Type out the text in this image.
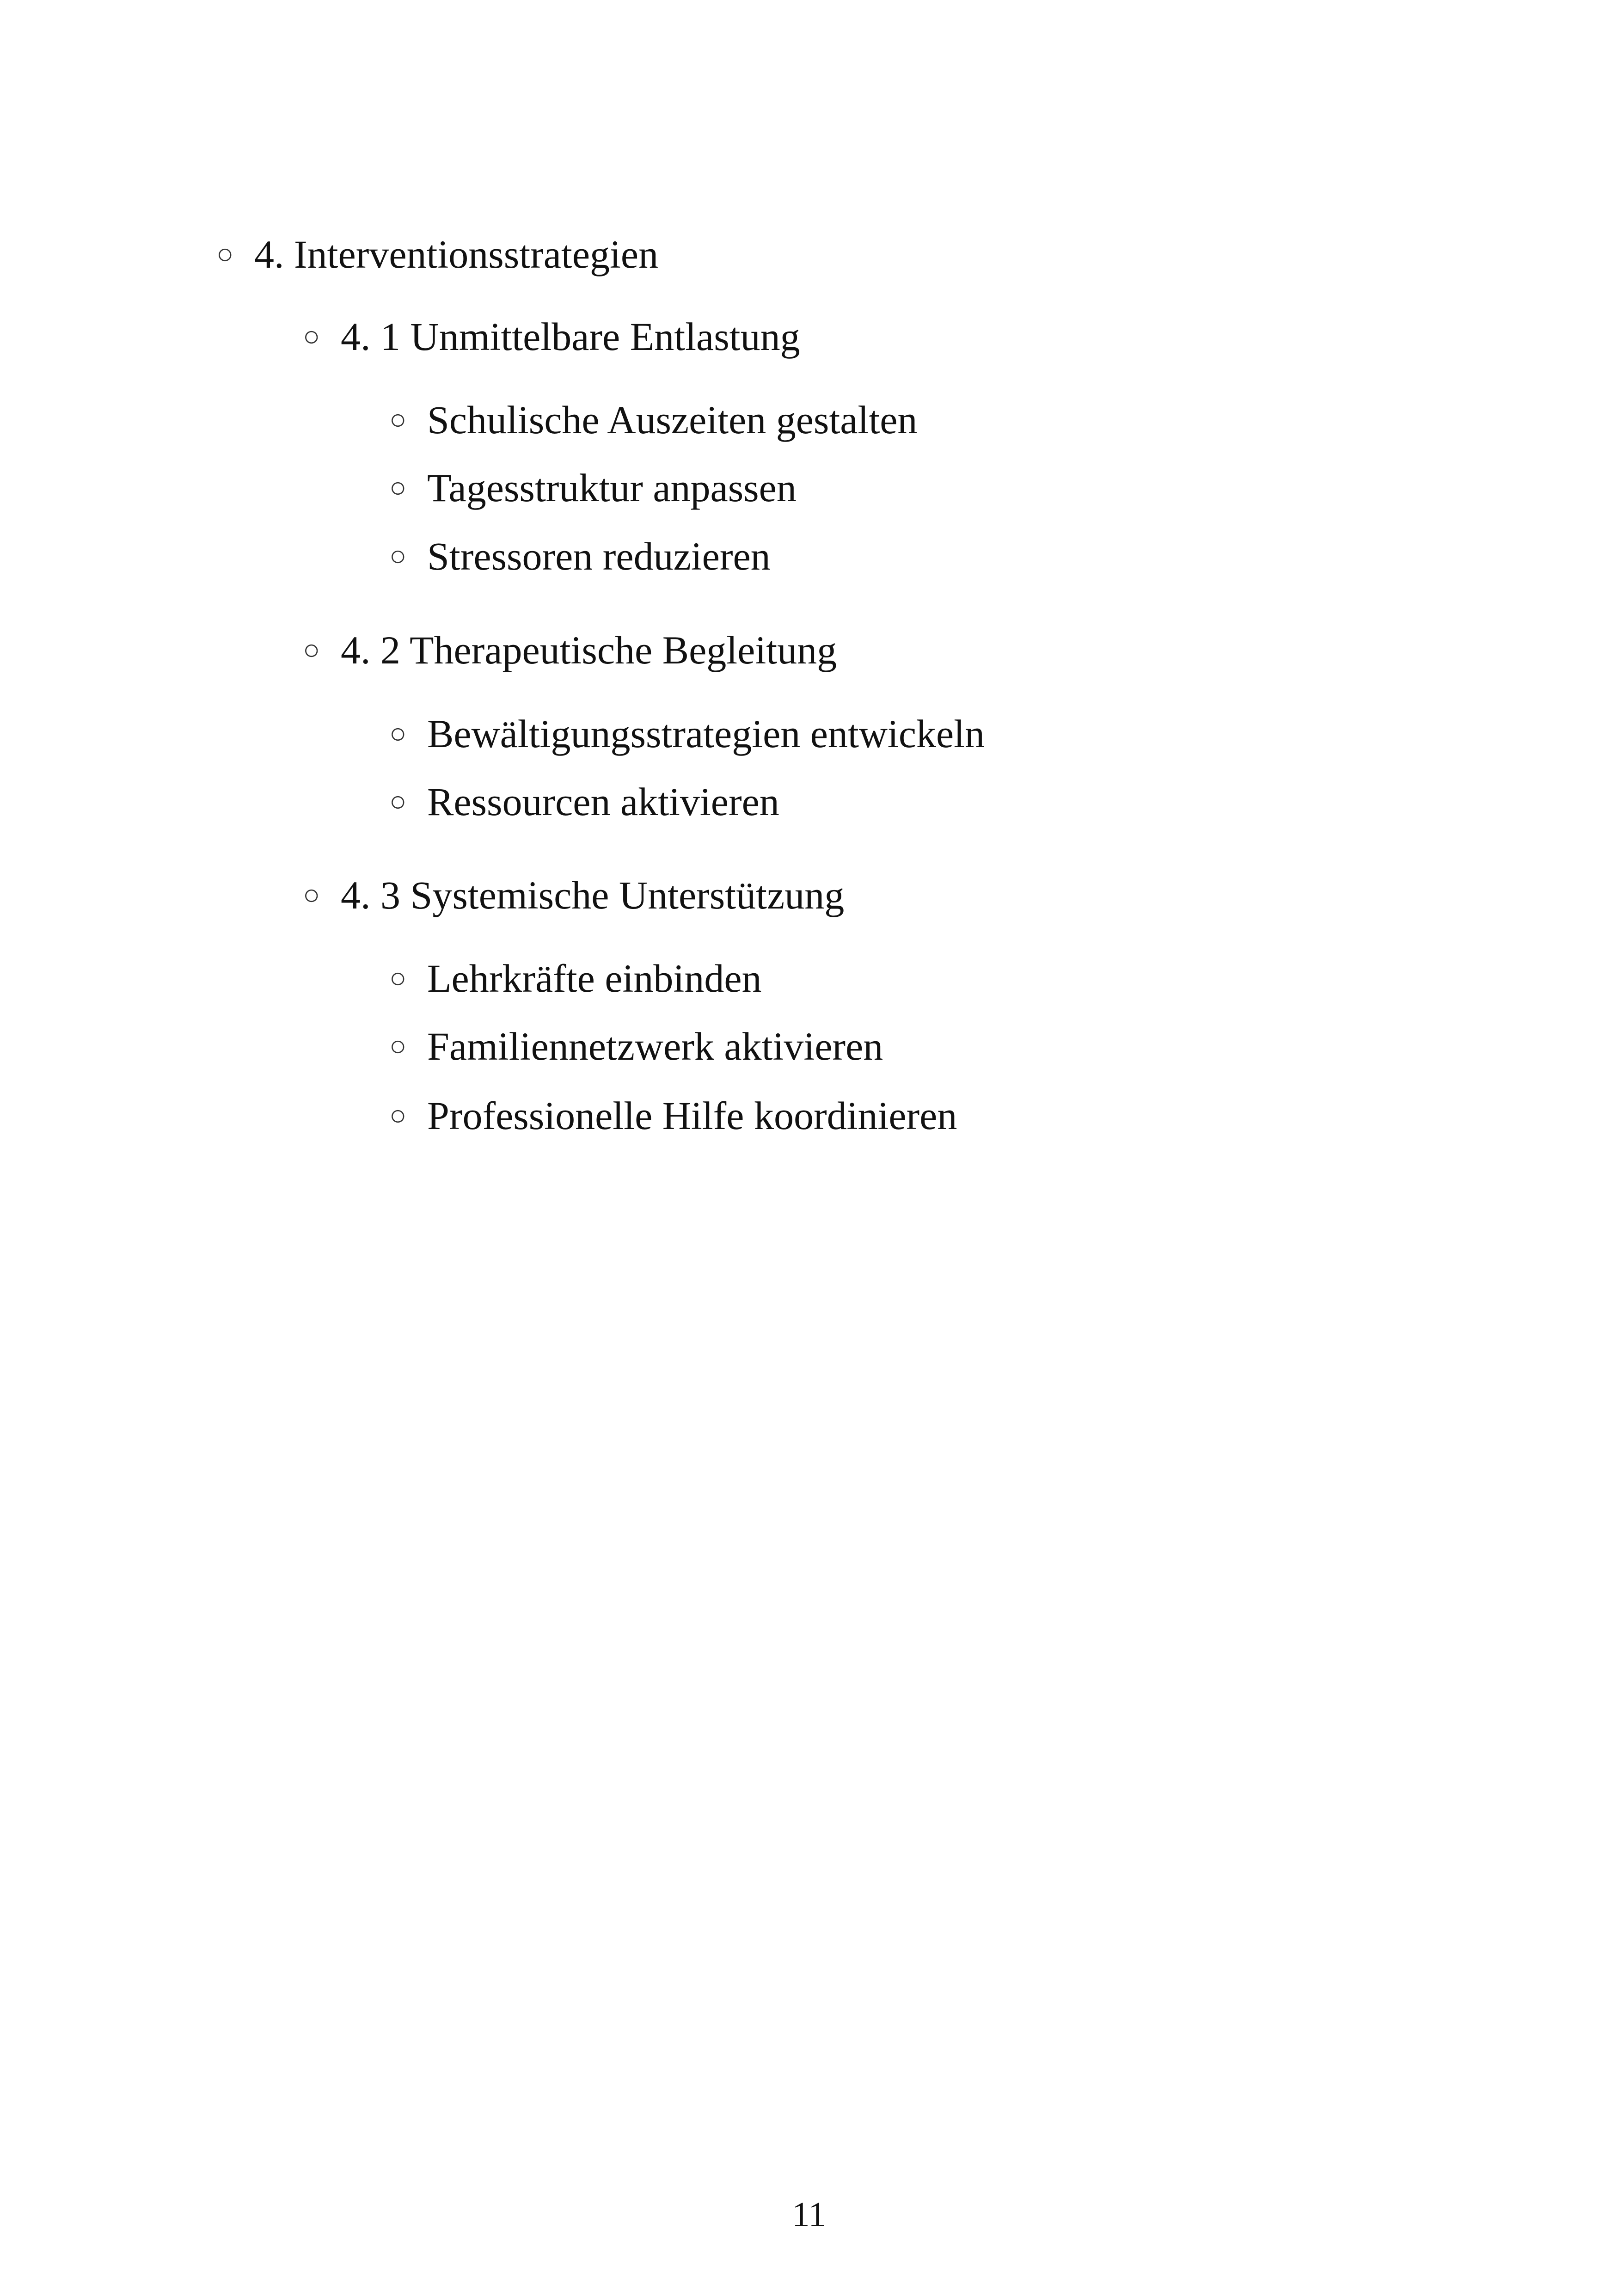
○ 4. Interventionsstrategien
○ 4. 1 Unmittelbare Entlastung
○ Schulische Auszeiten gestalten
○ Tagesstruktur anpassen
○ Stressoren reduzieren
○ 4. 2 Therapeutische Begleitung
○ Bewältigungsstrategien entwickeln
○ Ressourcen aktivieren
○ 4. 3 Systemische Unterstützung
○ Lehrkräfte einbinden
○ Familiennetzwerk aktivieren
○ Professionelle Hilfe koordinieren
11
